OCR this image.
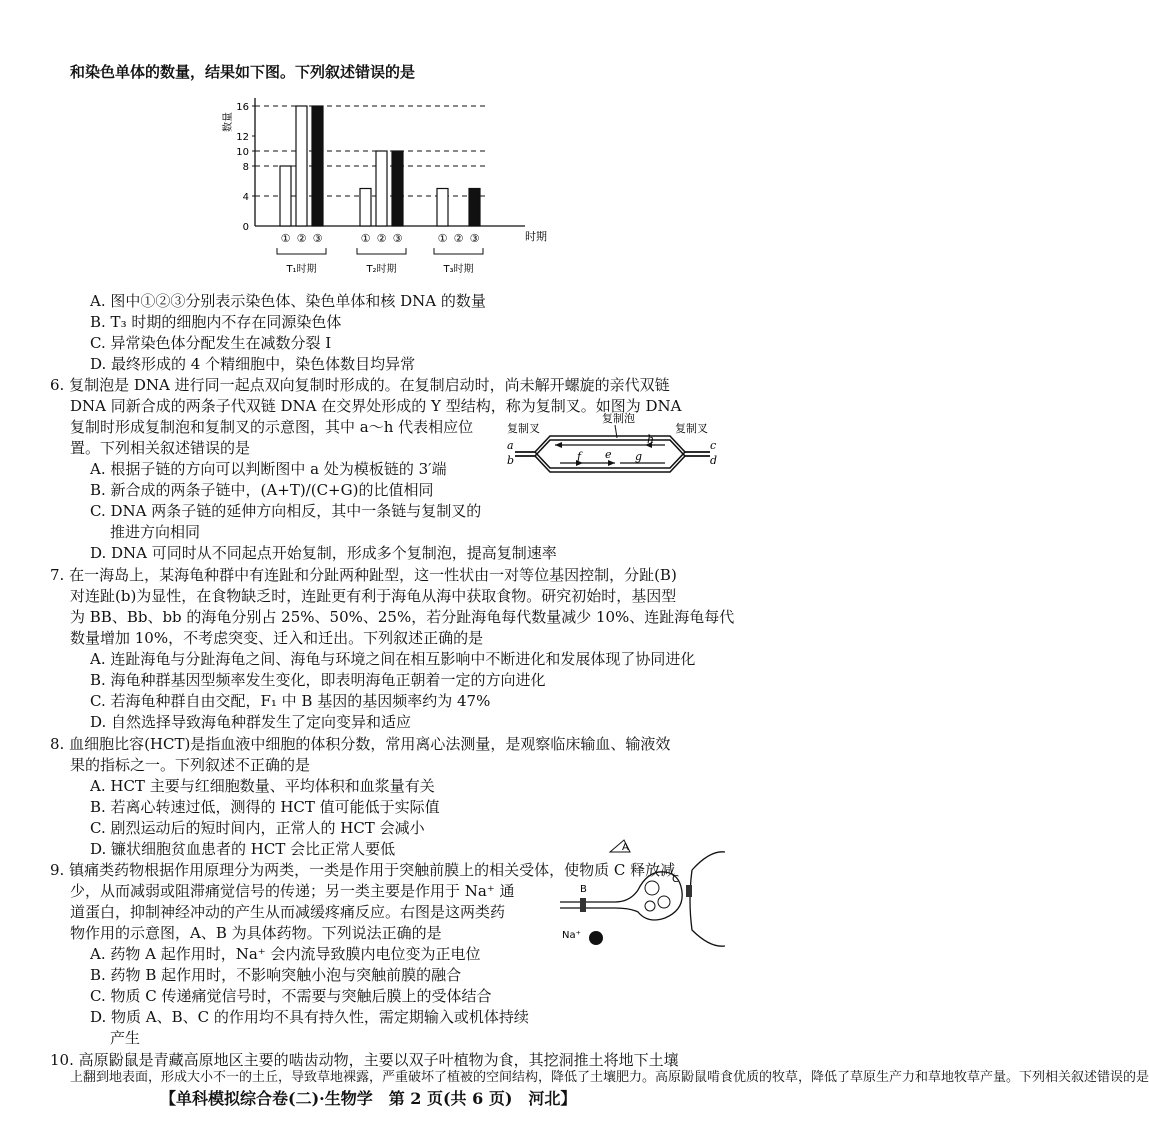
和染色单体的数量，结果如下图。下列叙述错误的是
0
4
8
10
12
16
数量
时期
① ② ③
T₁时期
① ② ③
T₂时期
① ② ③
T₃时期
A. 图中①②③分别表示染色体、染色单体和核 DNA 的数量
B. T₃ 时期的细胞内不存在同源染色体
C. 异常染色体分配发生在减数分裂 Ⅰ
D. 最终形成的 4 个精细胞中，染色体数目均异常
6. 复制泡是 DNA 进行同一起点双向复制时形成的。在复制启动时，尚未解开螺旋的亲代双链
DNA 同新合成的两条子代双链 DNA 在交界处形成的 Y 型结构，称为复制叉。如图为 DNA
复制时形成复制泡和复制叉的示意图，其中 a～h 代表相应位
置。下列相关叙述错误的是
A. 根据子链的方向可以判断图中 a 处为模板链的 3′端
B. 新合成的两条子链中，(A+T)/(C+G)的比值相同
C. DNA 两条子链的延伸方向相反，其中一条链与复制叉的
推进方向相同
D. DNA 可同时从不同起点开始复制，形成多个复制泡，提高复制速率
复制叉	复制叉
复制泡
a
b
c
d
e
f	g
h
7. 在一海岛上，某海龟种群中有连趾和分趾两种趾型，这一性状由一对等位基因控制，分趾(B)
对连趾(b)为显性，在食物缺乏时，连趾更有利于海龟从海中获取食物。研究初始时，基因型
为 BB、Bb、bb 的海龟分别占 25%、50%、25%，若分趾海龟每代数量减少 10%、连趾海龟每代
数量增加 10%，不考虑突变、迁入和迁出。下列叙述正确的是
A. 连趾海龟与分趾海龟之间、海龟与环境之间在相互影响中不断进化和发展体现了协同进化
B. 海龟种群基因型频率发生变化，即表明海龟正朝着一定的方向进化
C. 若海龟种群自由交配，F₁ 中 B 基因的基因频率约为 47%
D. 自然选择导致海龟种群发生了定向变异和适应
8. 血细胞比容(HCT)是指血液中细胞的体积分数，常用离心法测量，是观察临床输血、输液效
果的指标之一。下列叙述不正确的是
A. HCT 主要与红细胞数量、平均体积和血浆量有关
B. 若离心转速过低，测得的 HCT 值可能低于实际值
C. 剧烈运动后的短时间内，正常人的 HCT 会减小
D. 镰状细胞贫血患者的 HCT 会比正常人要低
9. 镇痛类药物根据作用原理分为两类，一类是作用于突触前膜上的相关受体，使物质 C 释放减
少，从而减弱或阻滞痛觉信号的传递；另一类主要是作用于 Na⁺ 通
道蛋白，抑制神经冲动的产生从而减缓疼痛反应。右图是这两类药
物作用的示意图，A、B 为具体药物。下列说法正确的是
A. 药物 A 起作用时，Na⁺ 会内流导致膜内电位变为正电位
B. 药物 B 起作用时，不影响突触小泡与突触前膜的融合
C. 物质 C 传递痛觉信号时，不需要与突触后膜上的受体结合
D. 物质 A、B、C 的作用均不具有持久性，需定期输入或机体持续
产生
A
B
C
Na⁺
10. 高原鼢鼠是青藏高原地区主要的啮齿动物，主要以双子叶植物为食，其挖洞推土将地下土壤
【单科模拟综合卷(二)·生物学　第 2 页(共 6 页)　河北】
上翻到地表面，形成大小不一的土丘，导致草地裸露，严重破坏了植被的空间结构，降低了土壤肥力。高原鼢鼠啃食优质的牧草，降低了草原生产力和草地牧草产量。下列相关叙述错误的是
